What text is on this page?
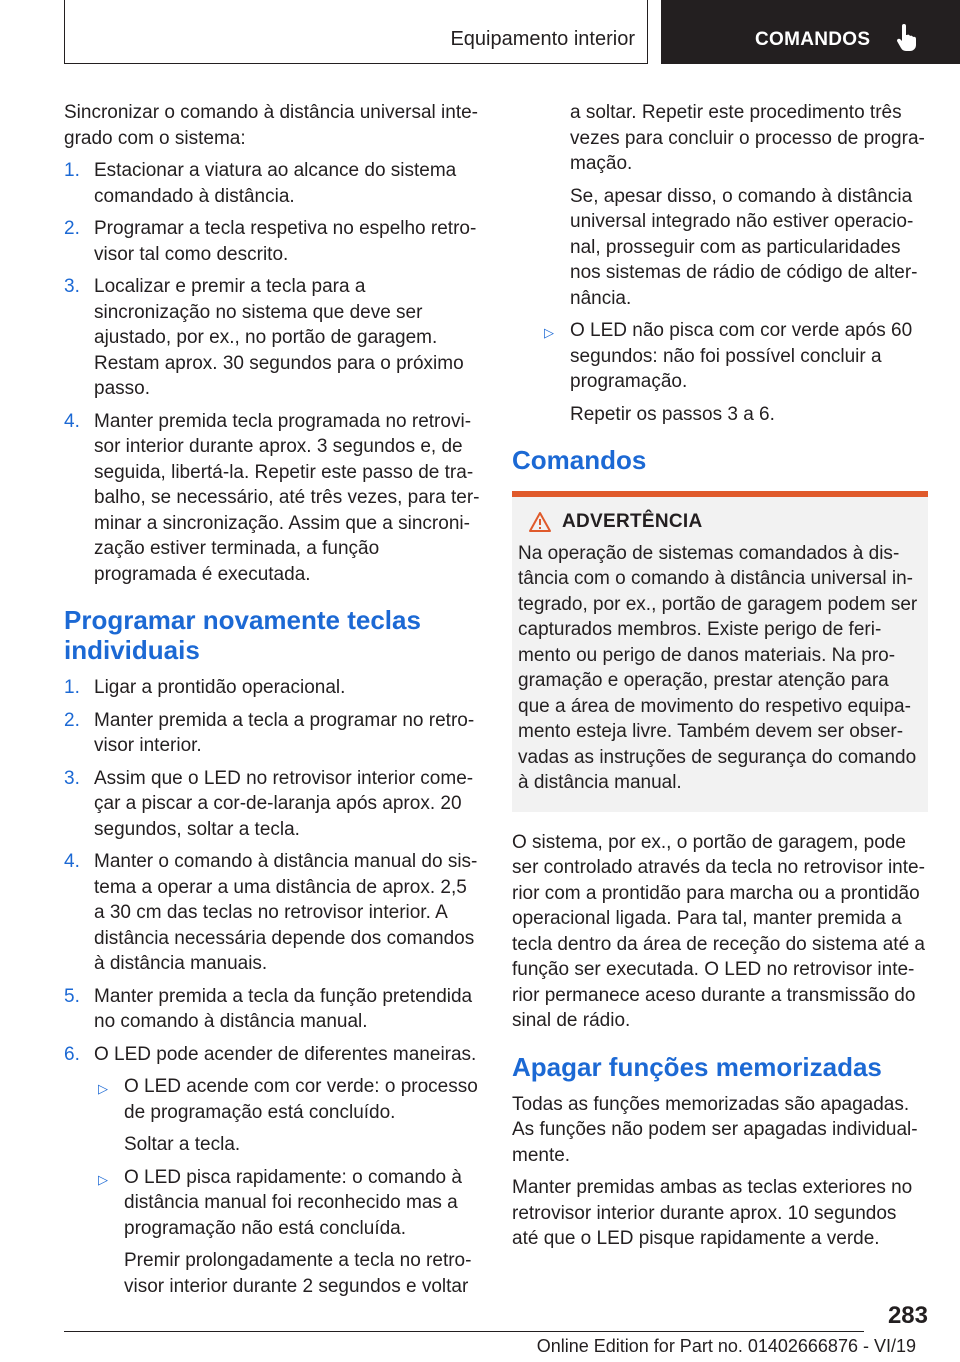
Equipamento interior	COMANDOS

Sincronizar o comando à distância universal integrado com o sistema:

1. Estacionar a viatura ao alcance do sistema comandado à distância.
2. Programar a tecla respetiva no espelho retrovisor tal como descrito.
3. Localizar e premir a tecla para a sincronização no sistema que deve ser ajustado, por ex., no portão de garagem. Restam aprox. 30 segundos para o próximo passo.
4. Manter premida tecla programada no retrovisor interior durante aprox. 3 segundos e, de seguida, libertá-la. Repetir este passo de trabalho, se necessário, até três vezes, para terminar a sincronização. Assim que a sincronização estiver terminada, a função programada é executada.
Programar novamente teclas individuais
1. Ligar a prontidão operacional.
2. Manter premida a tecla a programar no retrovisor interior.
3. Assim que o LED no retrovisor interior começar a piscar a cor-de-laranja após aprox. 20 segundos, soltar a tecla.
4. Manter o comando à distância manual do sistema a operar a uma distância de aprox. 2,5 a 30 cm das teclas no retrovisor interior. A distância necessária depende dos comandos à distância manuais.
5. Manter premida a tecla da função pretendida no comando à distância manual.
6. O LED pode acender de diferentes maneiras.
▷ O LED acende com cor verde: o processo de programação está concluído.

Soltar a tecla.

▷ O LED pisca rapidamente: o comando à distância manual foi reconhecido mas a programação não está concluída.

Premir prolongadamente a tecla no retrovisor interior durante 2 segundos e voltar

a soltar. Repetir este procedimento três vezes para concluir o processo de programação.

Se, apesar disso, o comando à distância universal integrado não estiver operacional, prosseguir com as particularidades nos sistemas de rádio de código de alternância.

▷ O LED não pisca com cor verde após 60 segundos: não foi possível concluir a programação.

Repetir os passos 3 a 6.

Comandos
ADVERTÊNCIA

Na operação de sistemas comandados à distância com o comando à distância universal integrado, por ex., portão de garagem podem ser capturados membros. Existe perigo de ferimento ou perigo de danos materiais. Na programação e operação, prestar atenção para que a área de movimento do respetivo equipamento esteja livre. Também devem ser observadas as instruções de segurança do comando à distância manual.

O sistema, por ex., o portão de garagem, pode ser controlado através da tecla no retrovisor interior com a prontidão para marcha ou a prontidão operacional ligada. Para tal, manter premida a tecla dentro da área de receção do sistema até a função ser executada. O LED no retrovisor interior permanece aceso durante a transmissão do sinal de rádio.

Apagar funções memorizadas

Todas as funções memorizadas são apagadas. As funções não podem ser apagadas individualmente.

Manter premidas ambas as teclas exteriores no retrovisor interior durante aprox. 10 segundos até que o LED pisque rapidamente a verde.

283
Online Edition for Part no. 01402666876 - VI/19
